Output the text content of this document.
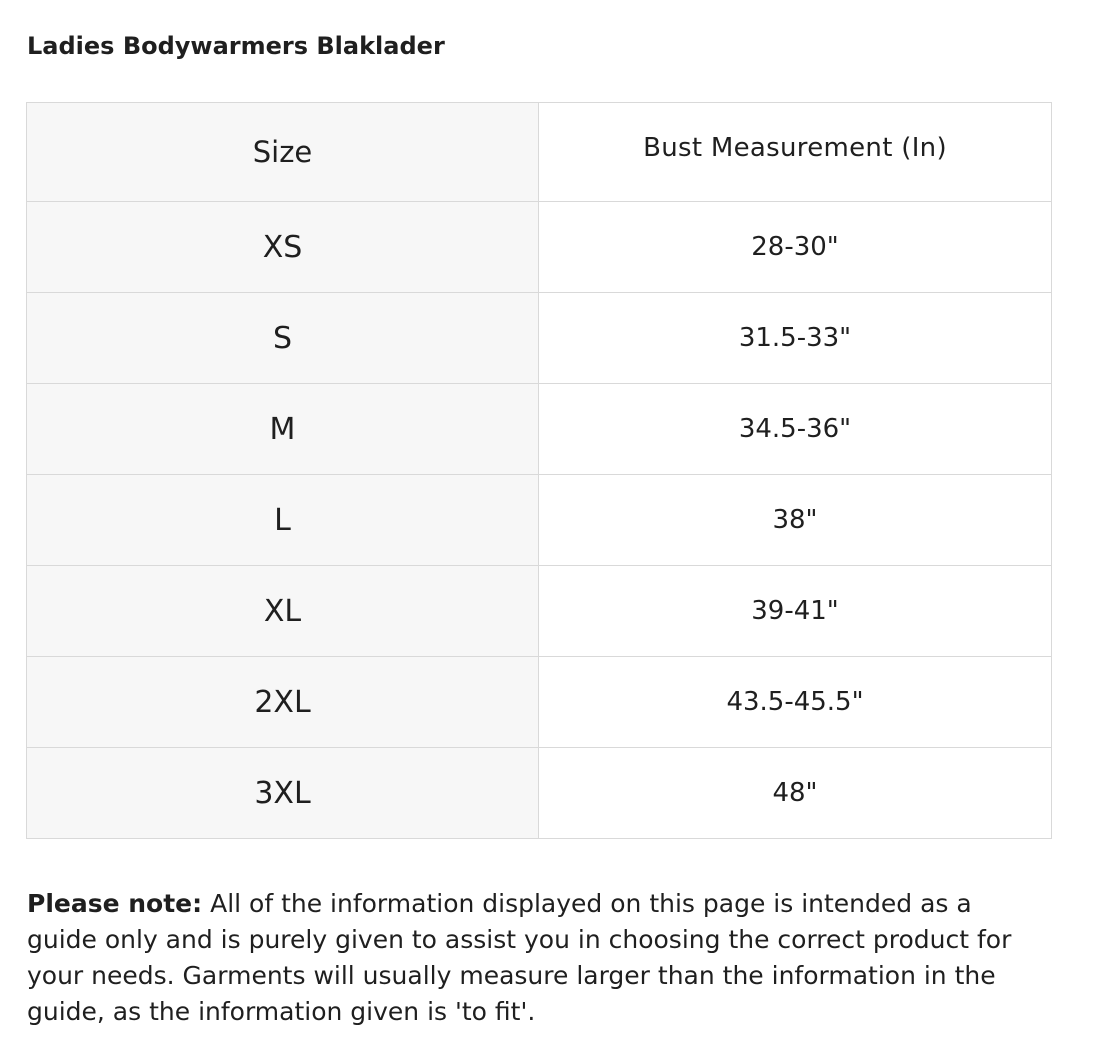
Ladies Bodywarmers Blaklader
Size	Bust Measurement (In)
XS	28-30"
S	31.5-33"
M	34.5-36"
L	38"
XL	39-41"
2XL	43.5-45.5"
3XL	48"

Please note: All of the information displayed on this page is intended as a guide only and is purely given to assist you in choosing the correct product for your needs. Garments will usually measure larger than the information in the guide, as the information given is 'to fit'.
